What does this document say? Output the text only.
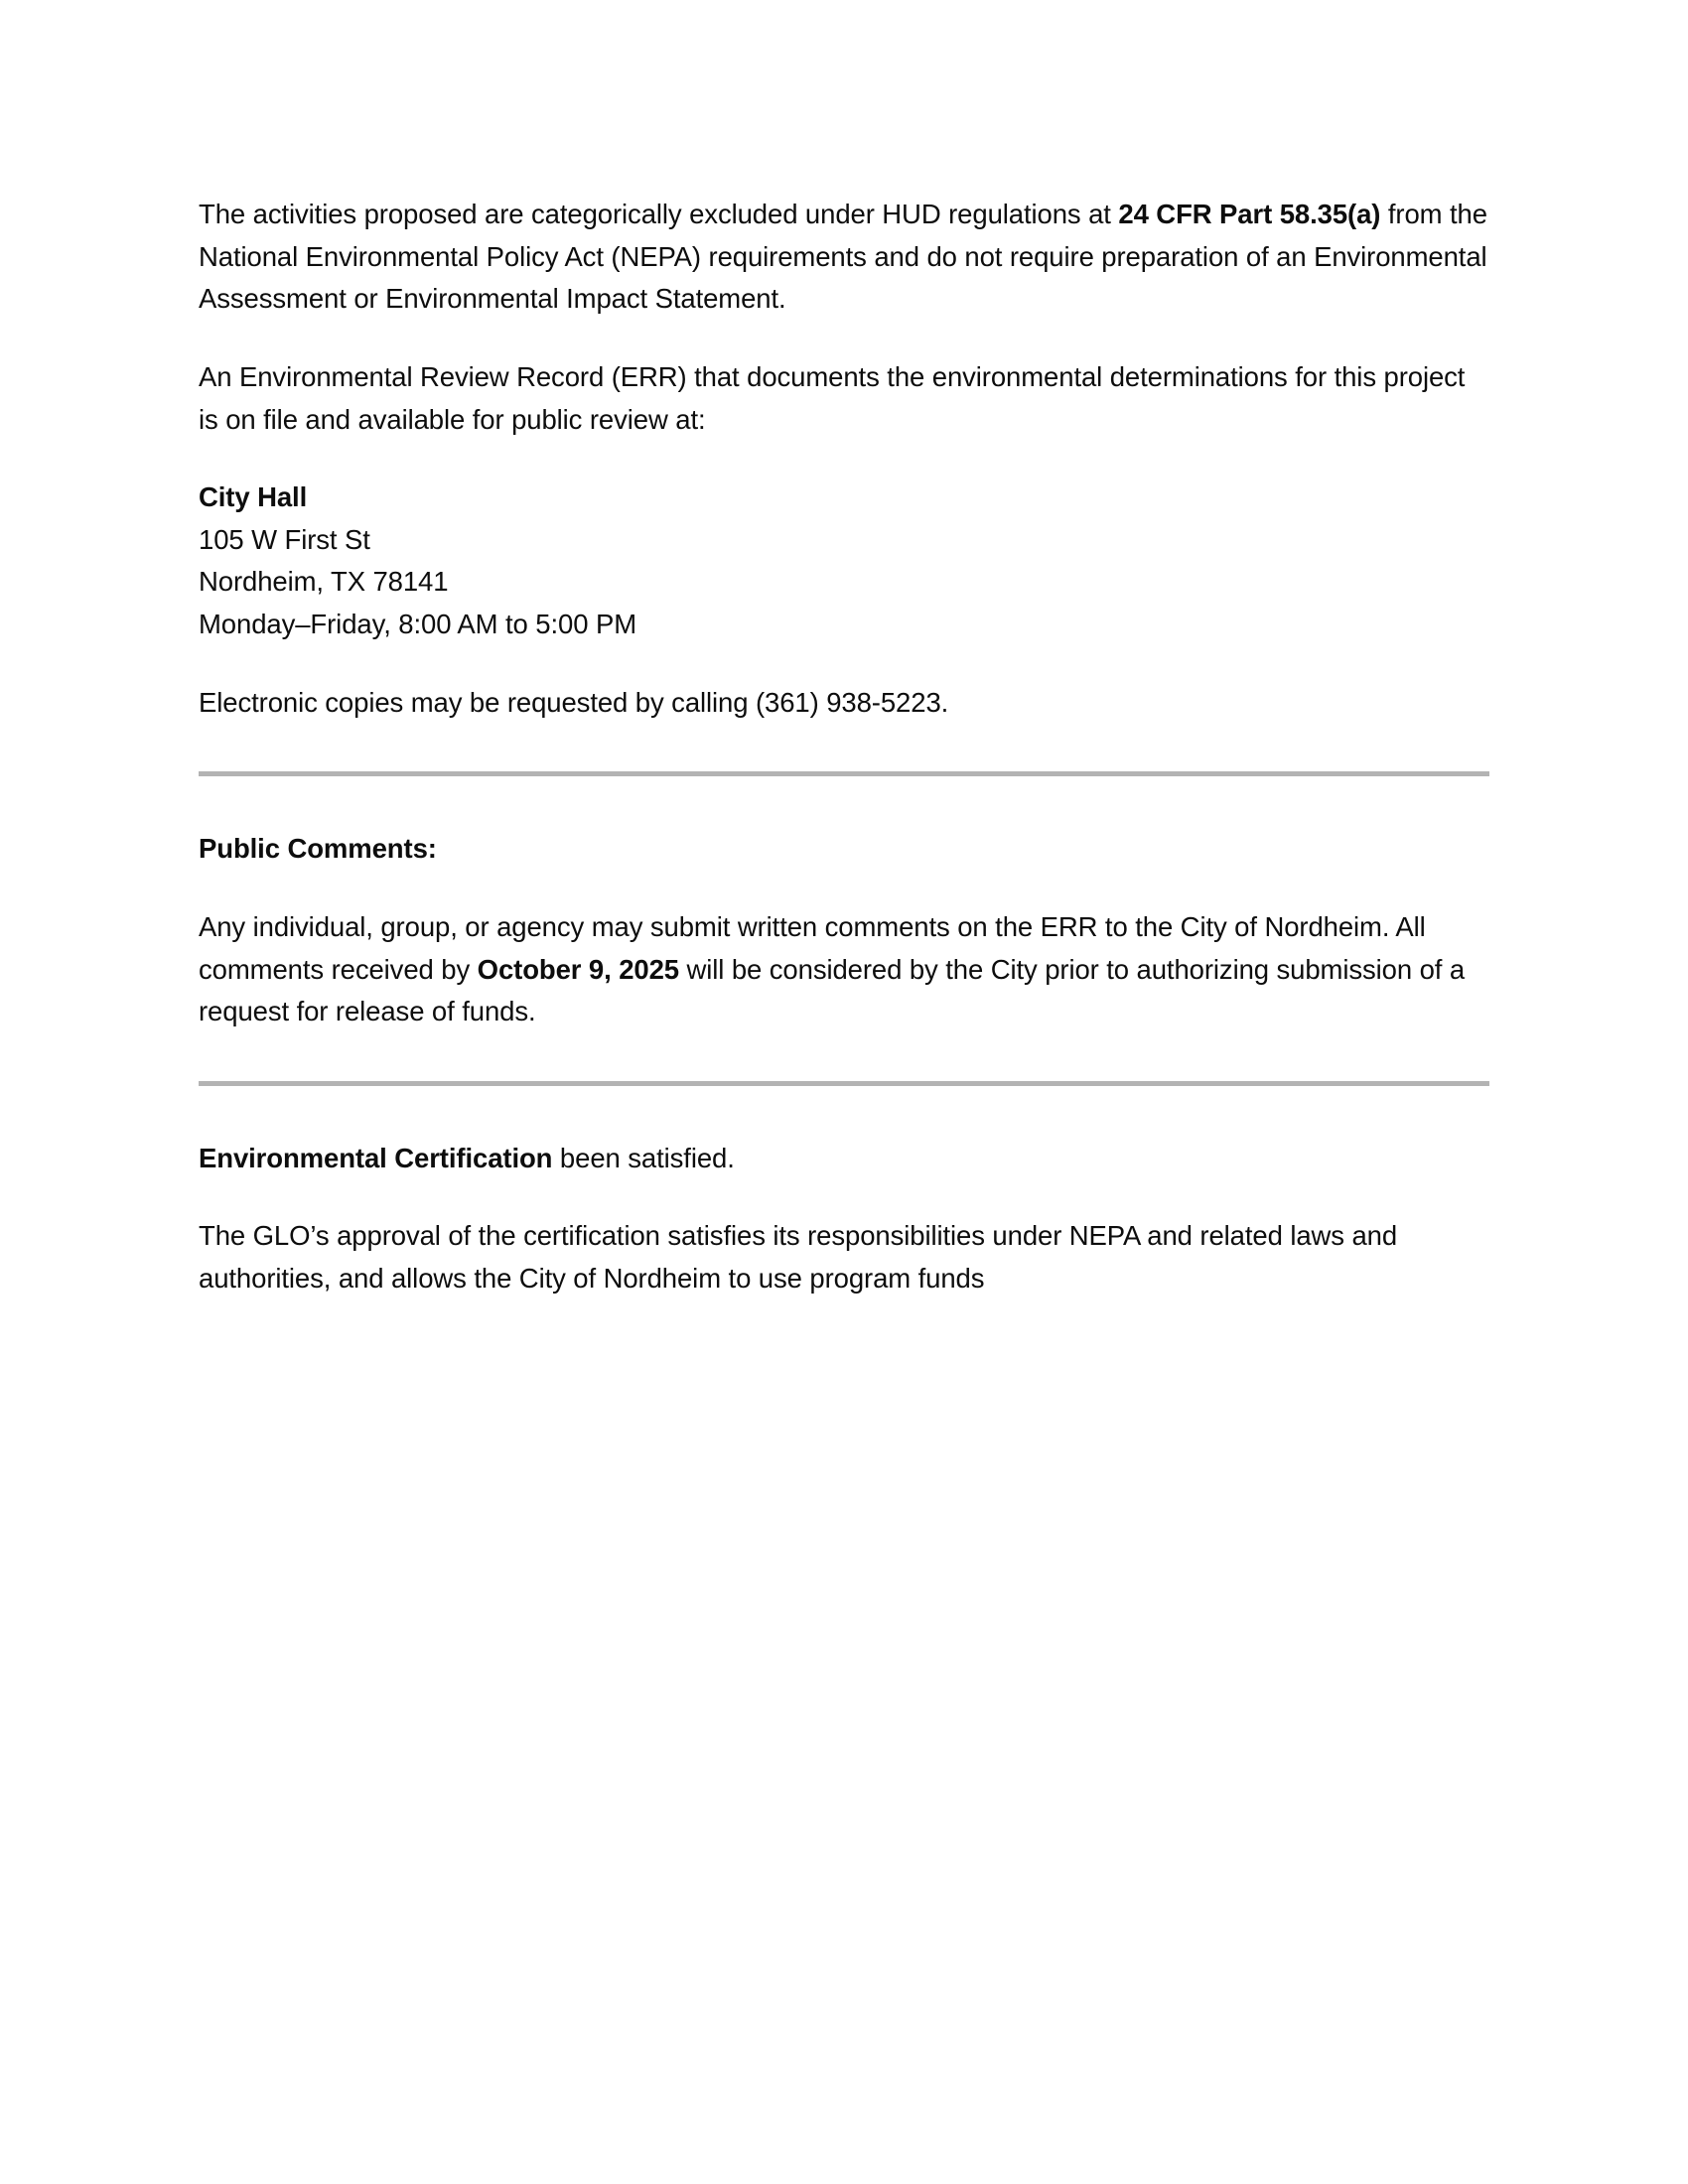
The activities proposed are categorically excluded under HUD regulations at 24 CFR Part 58.35(a) from the National Environmental Policy Act (NEPA) requirements and do not require preparation of an Environmental Assessment or Environmental Impact Statement.

An Environmental Review Record (ERR) that documents the environmental determinations for this project is on file and available for public review at:

City Hall
105 W First St
Nordheim, TX 78141
Monday–Friday, 8:00 AM to 5:00 PM

Electronic copies may be requested by calling (361) 938-5223.

Public Comments:

Any individual, group, or agency may submit written comments on the ERR to the City of Nordheim. All comments received by October 9, 2025 will be considered by the City prior to authorizing submission of a request for release of funds.

Environmental Certification been satisfied.

The GLO’s approval of the certification satisfies its responsibilities under NEPA and related laws and authorities, and allows the City of Nordheim to use program funds
